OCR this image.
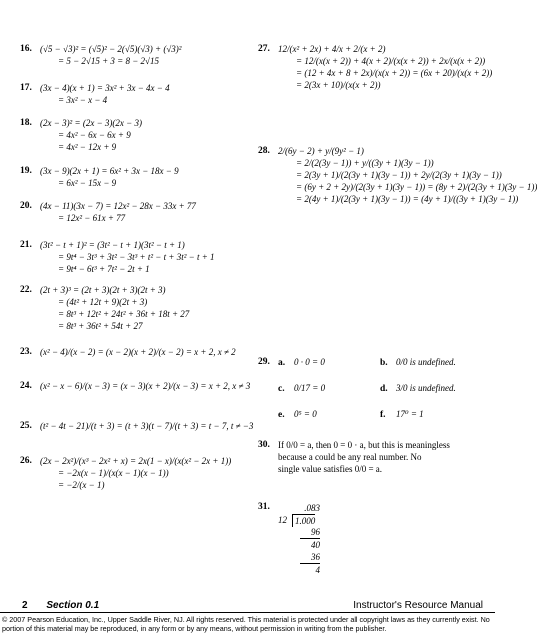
16. (√5 − √3)² = (√5)² − 2(√5)(√3) + (√3)²
= 5 − 2√15 + 3 = 8 − 2√15
17. (3x − 4)(x + 1) = 3x² + 3x − 4x − 4
= 3x² − x − 4
18. (2x − 3)² = (2x − 3)(2x − 3)
= 4x² − 6x − 6x + 9
= 4x² − 12x + 9
19. (3x − 9)(2x + 1) = 6x² + 3x − 18x − 9
= 6x² − 15x − 9
20. (4x − 11)(3x − 7) = 12x² − 28x − 33x + 77
= 12x² − 61x + 77
21. (3t² − t + 1)² = (3t² − t + 1)(3t² − t + 1)
= 9t⁴ − 3t³ + 3t² − 3t³ + t² − t + 3t² − t + 1
= 9t⁴ − 6t³ + 7t² − 2t + 1
22. (2t + 3)³ = (2t + 3)(2t + 3)(2t + 3)
= (4t² + 12t + 9)(2t + 3)
= 8t³ + 12t² + 24t² + 36t + 18t + 27
= 8t³ + 36t² + 54t + 27
23. (x² − 4)/(x − 2) = (x − 2)(x + 2)/(x − 2) = x + 2, x ≠ 2
24. (x² − x − 6)/(x − 3) = (x − 3)(x + 2)/(x − 3) = x + 2, x ≠ 3
25. (t² − 4t − 21)/(t + 3) = (t + 3)(t − 7)/(t + 3) = t − 7, t ≠ −3
26. (2x − 2x²)/(x³ − 2x² + x) = 2x(1 − x)/(x(x² − 2x + 1))
= −2x(x − 1)/(x(x − 1)(x − 1))
= −2/(x − 1)
29. a. 0 · 0 = 0	b. 0/0 is undefined.
c. 0/17 = 0	d. 3/0 is undefined.
e. 0⁵ = 0	f. 17⁰ = 1
30. If 0/0 = a, then 0 = 0 · a, but this is meaningless
because a could be any real number. No
single value satisfies 0/0 = a.
31.	.083
12 1.000
96
40
36
4
27. 12/(x² + 2x) + 4/x + 2/(x + 2)
= 12/(x(x + 2)) + 4(x + 2)/(x(x + 2)) + 2x/(x(x + 2))
= (12 + 4x + 8 + 2x)/(x(x + 2)) = (6x + 20)/(x(x + 2))
= 2(3x + 10)/(x(x + 2))
28. 2/(6y − 2) + y/(9y² − 1)
= 2/(2(3y − 1)) + y/((3y + 1)(3y − 1))
= 2(3y + 1)/(2(3y + 1)(3y − 1)) + 2y/(2(3y + 1)(3y − 1))
= (6y + 2 + 2y)/(2(3y + 1)(3y − 1)) = (8y + 2)/(2(3y + 1)(3y − 1))
= 2(4y + 1)/(2(3y + 1)(3y − 1)) = (4y + 1)/((3y + 1)(3y − 1))
2 Section 0.1	Instructor's Resource Manual
© 2007 Pearson Education, Inc., Upper Saddle River, NJ. All rights reserved. This material is protected under all copyright laws as they currently exist. No portion of this material may be reproduced, in any form or by any means, without permission in writing from the publisher.
